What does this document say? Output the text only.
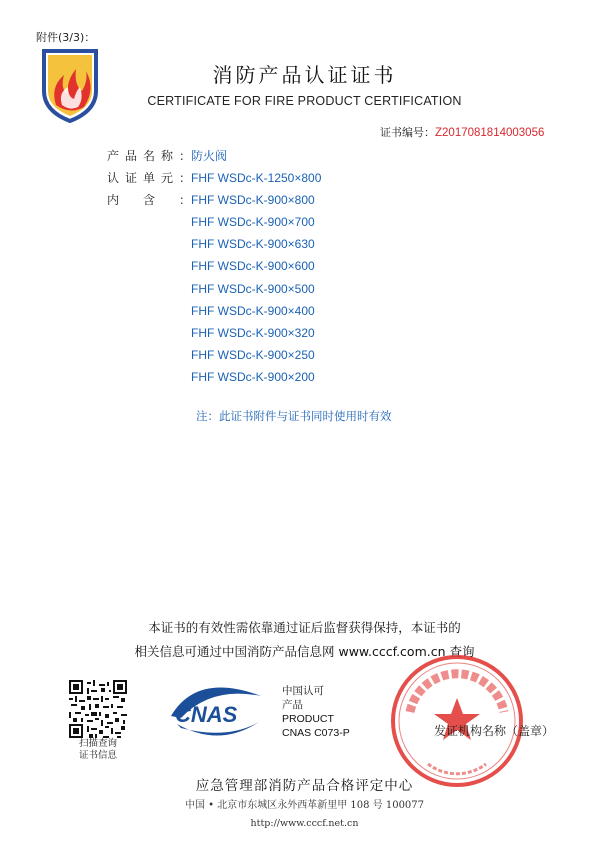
附件(3/3)：
消防产品认证证书
CERTIFICATE FOR FIRE PRODUCT CERTIFICATION
证书编号：Z2017081814003056
产品名称：防火阀
认证单元：FHF WSDc-K-1250×800
内含：FHF WSDc-K-900×800
FHF WSDc-K-900×700
FHF WSDc-K-900×630
FHF WSDc-K-900×600
FHF WSDc-K-900×500
FHF WSDc-K-900×400
FHF WSDc-K-900×320
FHF WSDc-K-900×250
FHF WSDc-K-900×200
注：此证书附件与证书同时使用时有效
本证书的有效性需依靠通过证后监督获得保持，本证书的
相关信息可通过中国消防产品信息网 www.cccf.com.cn 查询
扫描查询
证书信息
CNAS
中国认可
产品
PRODUCT
CNAS C073-P	发证机构名称（盖章）
应急管理部消防产品合格评定中心
中国 • 北京市东城区永外西革新里甲 108 号 100077
http://www.cccf.net.cn
